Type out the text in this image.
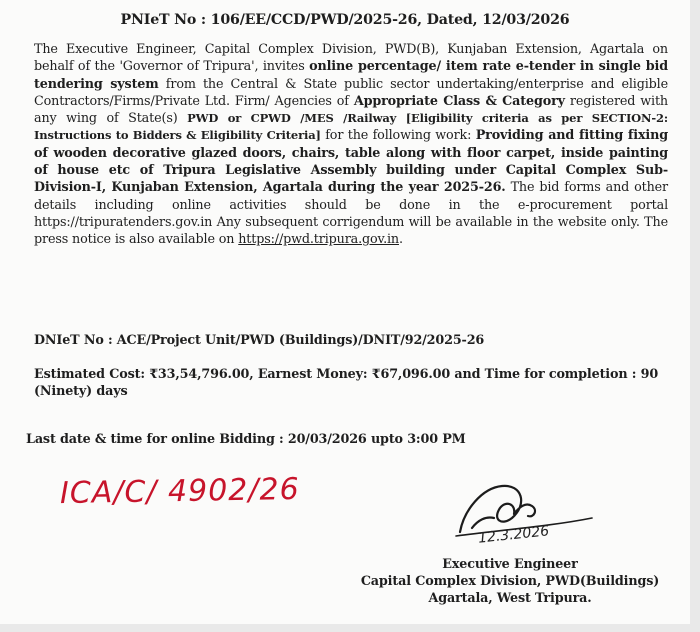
PNIeT No : 106/EE/CCD/PWD/2025-26, Dated, 12/03/2026
The Executive Engineer, Capital Complex Division, PWD(B), Kunjaban Extension, Agartala on behalf of the 'Governor of Tripura', invites online percentage/ item rate e-tender in single bid tendering system from the Central & State public sector undertaking/enterprise and eligible Contractors/Firms/Private Ltd. Firm/ Agencies of Appropriate Class & Category registered with any wing of State(s) PWD or CPWD /MES /Railway [Eligibility criteria as per SECTION-2: Instructions to Bidders & Eligibility Criteria] for the following work: Providing and fitting fixing of wooden decorative glazed doors, chairs, table along with floor carpet, inside painting of house etc of Tripura Legislative Assembly building under Capital Complex Sub-Division-I, Kunjaban Extension, Agartala during the year 2025-26. The bid forms and other details including online activities should be done in the e-procurement portal https://tripuratenders.gov.in Any subsequent corrigendum will be available in the website only. The press notice is also available on https://pwd.tripura.gov.in.
DNIeT No : ACE/Project Unit/PWD (Buildings)/DNIT/92/2025-26
Estimated Cost: ₹33,54,796.00, Earnest Money: ₹67,096.00 and Time for completion : 90 (Ninety) days
Last date & time for online Bidding : 20/03/2026 upto 3:00 PM
ICA/C/ 4902/26
12.3.2026
Executive Engineer
Capital Complex Division, PWD(Buildings)
Agartala, West Tripura.
